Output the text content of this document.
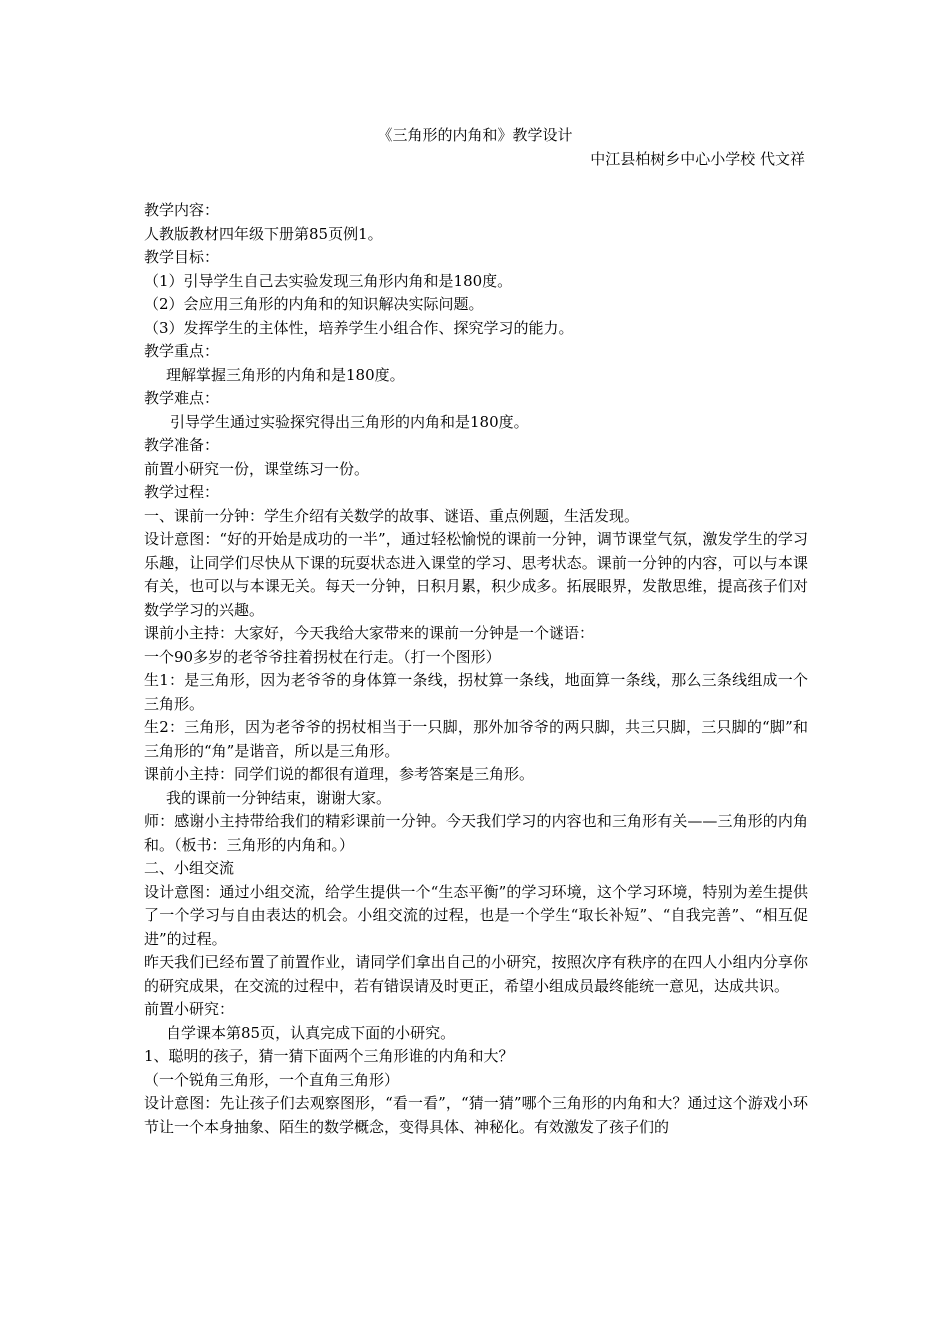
《三角形的内角和》教学设计
中江县柏树乡中心小学校 代文祥

教学内容：

人教版教材四年级下册第85页例1。

教学目标：

（1）引导学生自己去实验发现三角形内角和是180度。

（2）会应用三角形的内角和的知识解决实际问题。

（3）发挥学生的主体性，培养学生小组合作、探究学习的能力。

教学重点：

理解掌握三角形的内角和是180度。

教学难点：

引导学生通过实验探究得出三角形的内角和是180度。

教学准备：

前置小研究一份，课堂练习一份。

教学过程：

一、课前一分钟：学生介绍有关数学的故事、谜语、重点例题，生活发现。

设计意图：“好的开始是成功的一半”，通过轻松愉悦的课前一分钟，调节课堂气氛，激发学生的学习乐趣，让同学们尽快从下课的玩耍状态进入课堂的学习、思考状态。课前一分钟的内容，可以与本课有关，也可以与本课无关。每天一分钟，日积月累，积少成多。拓展眼界，发散思维，提高孩子们对数学学习的兴趣。

课前小主持：大家好，今天我给大家带来的课前一分钟是一个谜语：

一个90多岁的老爷爷拄着拐杖在行走。（打一个图形）

生1：是三角形，因为老爷爷的身体算一条线，拐杖算一条线，地面算一条线，那么三条线组成一个三角形。

生2：三角形，因为老爷爷的拐杖相当于一只脚，那外加爷爷的两只脚，共三只脚，三只脚的“脚”和三角形的“角”是谐音，所以是三角形。

课前小主持：同学们说的都很有道理，参考答案是三角形。

我的课前一分钟结束，谢谢大家。

师：感谢小主持带给我们的精彩课前一分钟。今天我们学习的内容也和三角形有关——三角形的内角和。（板书：三角形的内角和。）

二、小组交流

设计意图：通过小组交流，给学生提供一个“生态平衡”的学习环境，这个学习环境，特别为差生提供了一个学习与自由表达的机会。小组交流的过程，也是一个学生“取长补短”、“自我完善”、“相互促进”的过程。

昨天我们已经布置了前置作业，请同学们拿出自己的小研究，按照次序有秩序的在四人小组内分享你的研究成果，在交流的过程中，若有错误请及时更正，希望小组成员最终能统一意见，达成共识。

前置小研究：

自学课本第85页，认真完成下面的小研究。

1、聪明的孩子，猜一猜下面两个三角形谁的内角和大？

（一个锐角三角形，一个直角三角形）

设计意图：先让孩子们去观察图形，“看一看”，“猜一猜”哪个三角形的内角和大？通过这个游戏小环节让一个本身抽象、陌生的数学概念，变得具体、神秘化。有效激发了孩子们的
